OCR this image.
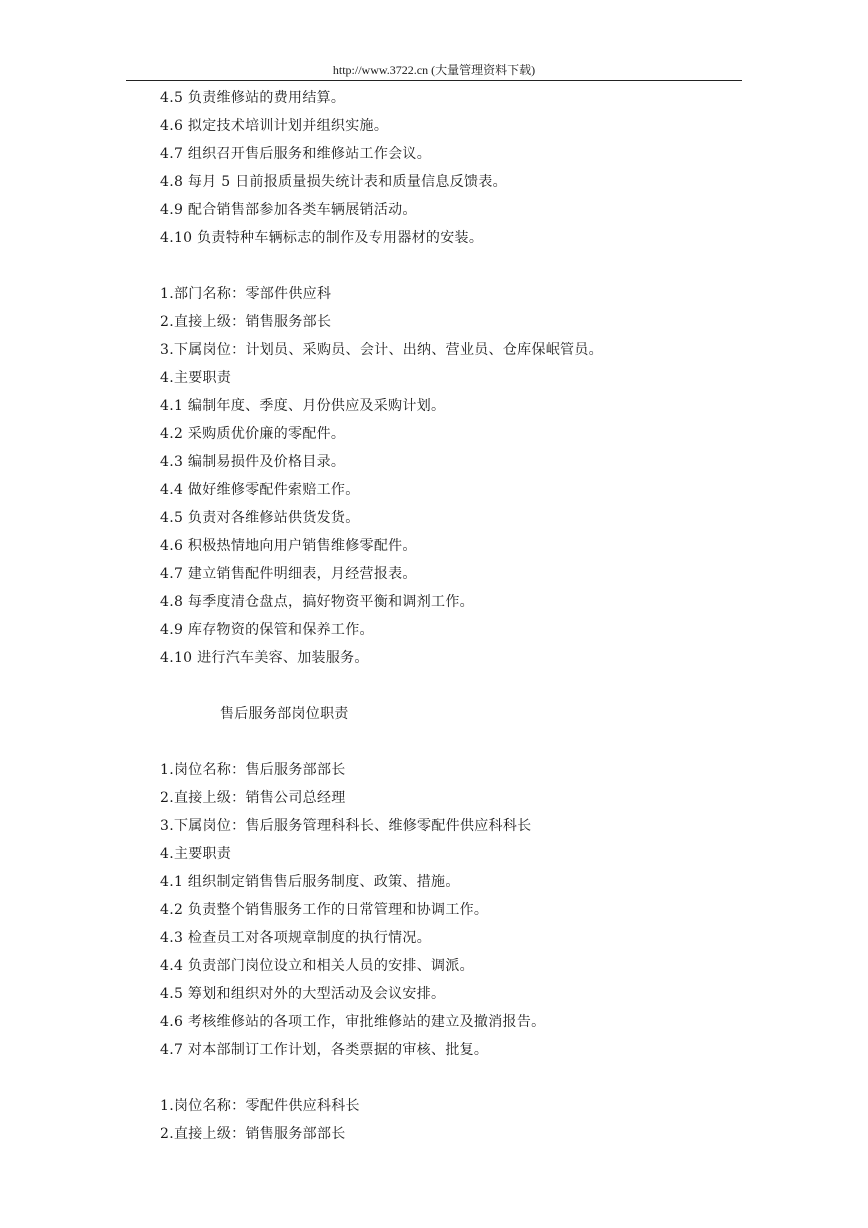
http://www.3722.cn (大量管理资料下载)
4.5 负责维修站的费用结算。
4.6 拟定技术培训计划并组织实施。
4.7 组织召开售后服务和维修站工作会议。
4.8 每月 5 日前报质量损失统计表和质量信息反馈表。
4.9 配合销售部参加各类车辆展销活动。
4.10 负责特种车辆标志的制作及专用器材的安装。
1.部门名称：零部件供应科
2.直接上级：销售服务部长
3.下属岗位：计划员、采购员、会计、出纳、营业员、仓库保岷管员。
4.主要职责
4.1 编制年度、季度、月份供应及采购计划。
4.2 采购质优价廉的零配件。
4.3 编制易损件及价格目录。
4.4 做好维修零配件索赔工作。
4.5 负责对各维修站供货发货。
4.6 积极热情地向用户销售维修零配件。
4.7 建立销售配件明细表，月经营报表。
4.8 每季度清仓盘点，搞好物资平衡和调剂工作。
4.9 库存物资的保管和保养工作。
4.10 进行汽车美容、加装服务。
售后服务部岗位职责
1.岗位名称：售后服务部部长
2.直接上级：销售公司总经理
3.下属岗位：售后服务管理科科长、维修零配件供应科科长
4.主要职责
4.1 组织制定销售售后服务制度、政策、措施。
4.2 负责整个销售服务工作的日常管理和协调工作。
4.3 检查员工对各项规章制度的执行情况。
4.4 负责部门岗位设立和相关人员的安排、调派。
4.5 筹划和组织对外的大型活动及会议安排。
4.6 考核维修站的各项工作，审批维修站的建立及撤消报告。
4.7 对本部制订工作计划，各类票据的审核、批复。
1.岗位名称：零配件供应科科长
2.直接上级：销售服务部部长
